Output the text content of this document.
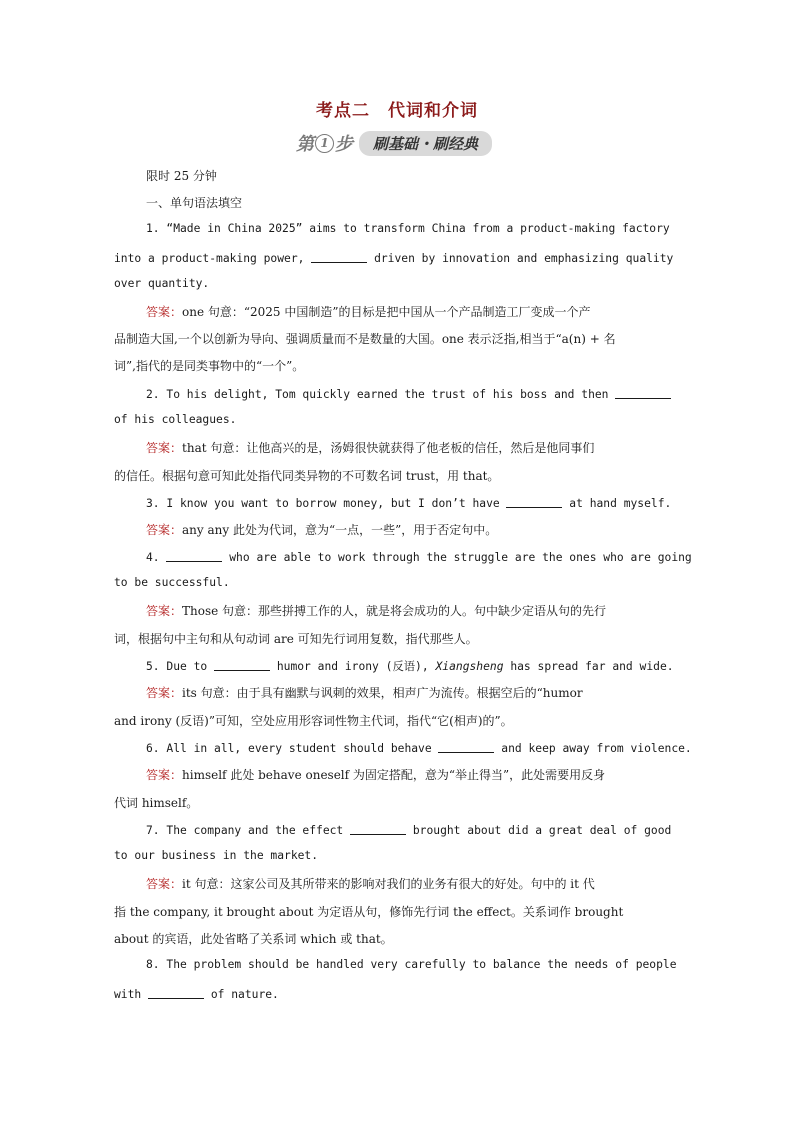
考点二　代词和介词
第 1 步	刷基础・刷经典
限时 25 分钟
一、单句语法填空
1. “Made in China 2025” aims to transform China from a product-making factory
into a product-making power,	driven by innovation and emphasizing quality
over quantity.
答案：one 句意：“2025 中国制造”的目标是把中国从一个产品制造工厂变成一个产
品制造大国,一个以创新为导向、强调质量而不是数量的大国。one 表示泛指,相当于“a(n) + 名
词”,指代的是同类事物中的“一个”。
2. To his delight, Tom quickly earned the trust of his boss and then
of his colleagues.
答案：that 句意：让他高兴的是，汤姆很快就获得了他老板的信任，然后是他同事们
的信任。根据句意可知此处指代同类异物的不可数名词 trust，用 that。
3. I know you want to borrow money, but I don’t have	at hand myself.
答案：any any 此处为代词，意为“一点，一些”，用于否定句中。
4.	who are able to work through the struggle are the ones who are going
to be successful.
答案：Those 句意：那些拼搏工作的人，就是将会成功的人。句中缺少定语从句的先行
词，根据句中主句和从句动词 are 可知先行词用复数，指代那些人。
5. Due to	humor and irony (反语), Xiangsheng has spread far and wide.
答案：its 句意：由于具有幽默与讽刺的效果，相声广为流传。根据空后的“humor
and irony (反语)”可知，空处应用形容词性物主代词，指代“它(相声)的”。
6. All in all, every student should behave	and keep away from violence.
答案：himself 此处 behave oneself 为固定搭配，意为“举止得当”，此处需要用反身
代词 himself。
7. The company and the effect	brought about did a great deal of good
to our business in the market.
答案：it 句意：这家公司及其所带来的影响对我们的业务有很大的好处。句中的 it 代
指 the company, it brought about 为定语从句，修饰先行词 the effect。关系词作 brought
about 的宾语，此处省略了关系词 which 或 that。
8. The problem should be handled very carefully to balance the needs of people
with	of nature.
